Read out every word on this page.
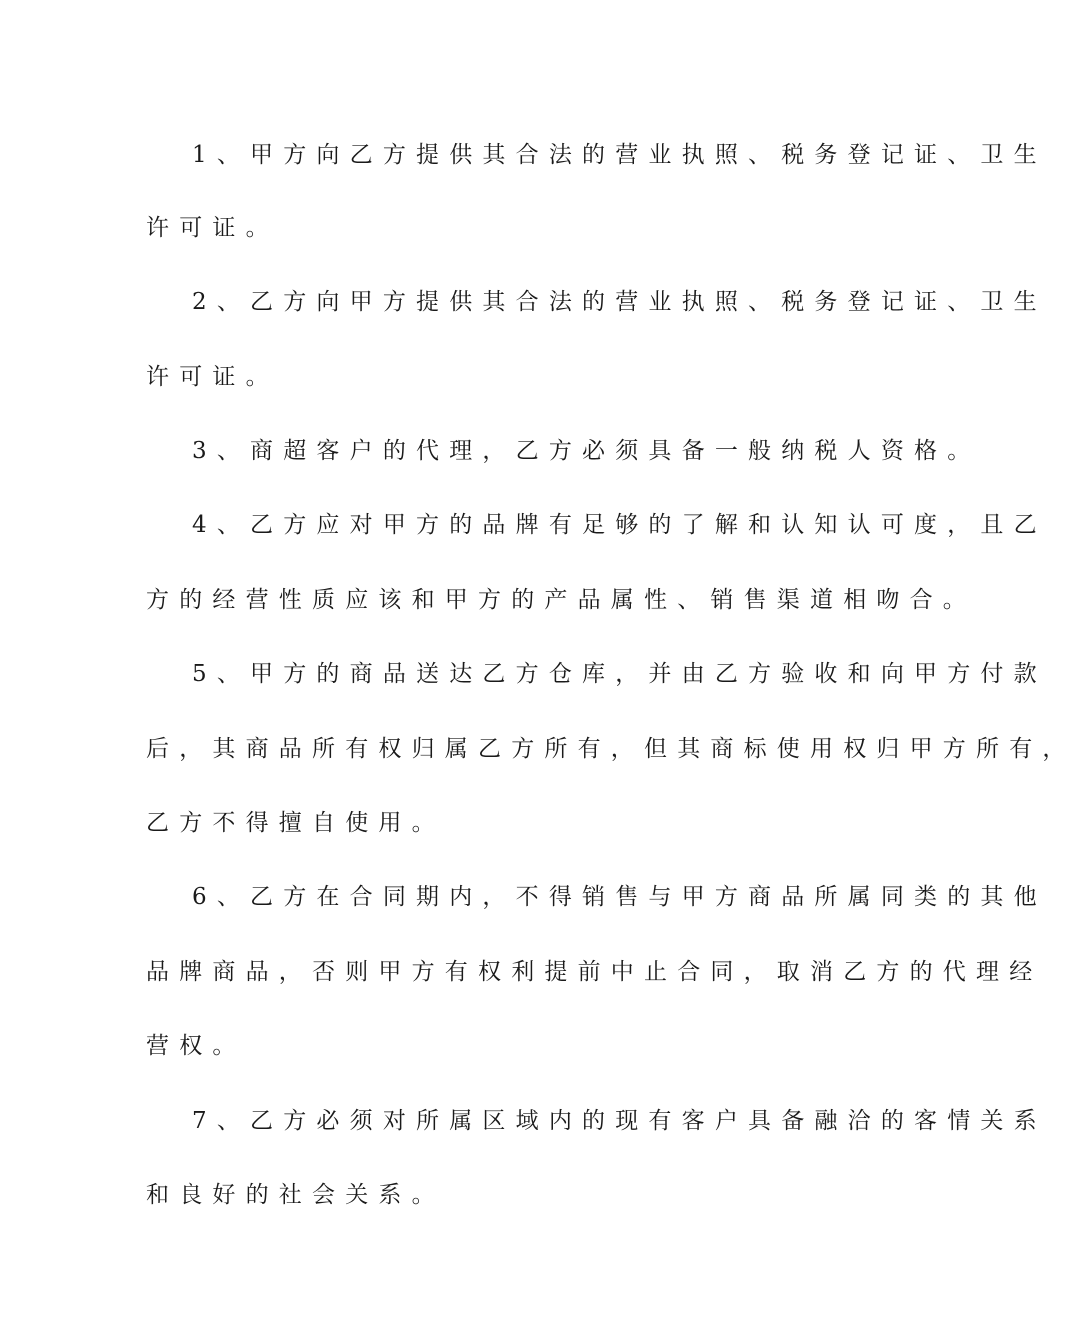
1、甲方向乙方提供其合法的营业执照、税务登记证、卫生
许可证。
2、乙方向甲方提供其合法的营业执照、税务登记证、卫生
许可证。
3、商超客户的代理，乙方必须具备一般纳税人资格。
4、乙方应对甲方的品牌有足够的了解和认知认可度，且乙
方的经营性质应该和甲方的产品属性、销售渠道相吻合。
5、甲方的商品送达乙方仓库，并由乙方验收和向甲方付款
后，其商品所有权归属乙方所有，但其商标使用权归甲方所有，
乙方不得擅自使用。
6、乙方在合同期内，不得销售与甲方商品所属同类的其他
品牌商品，否则甲方有权利提前中止合同，取消乙方的代理经
营权。
7、乙方必须对所属区域内的现有客户具备融洽的客情关系
和良好的社会关系。
